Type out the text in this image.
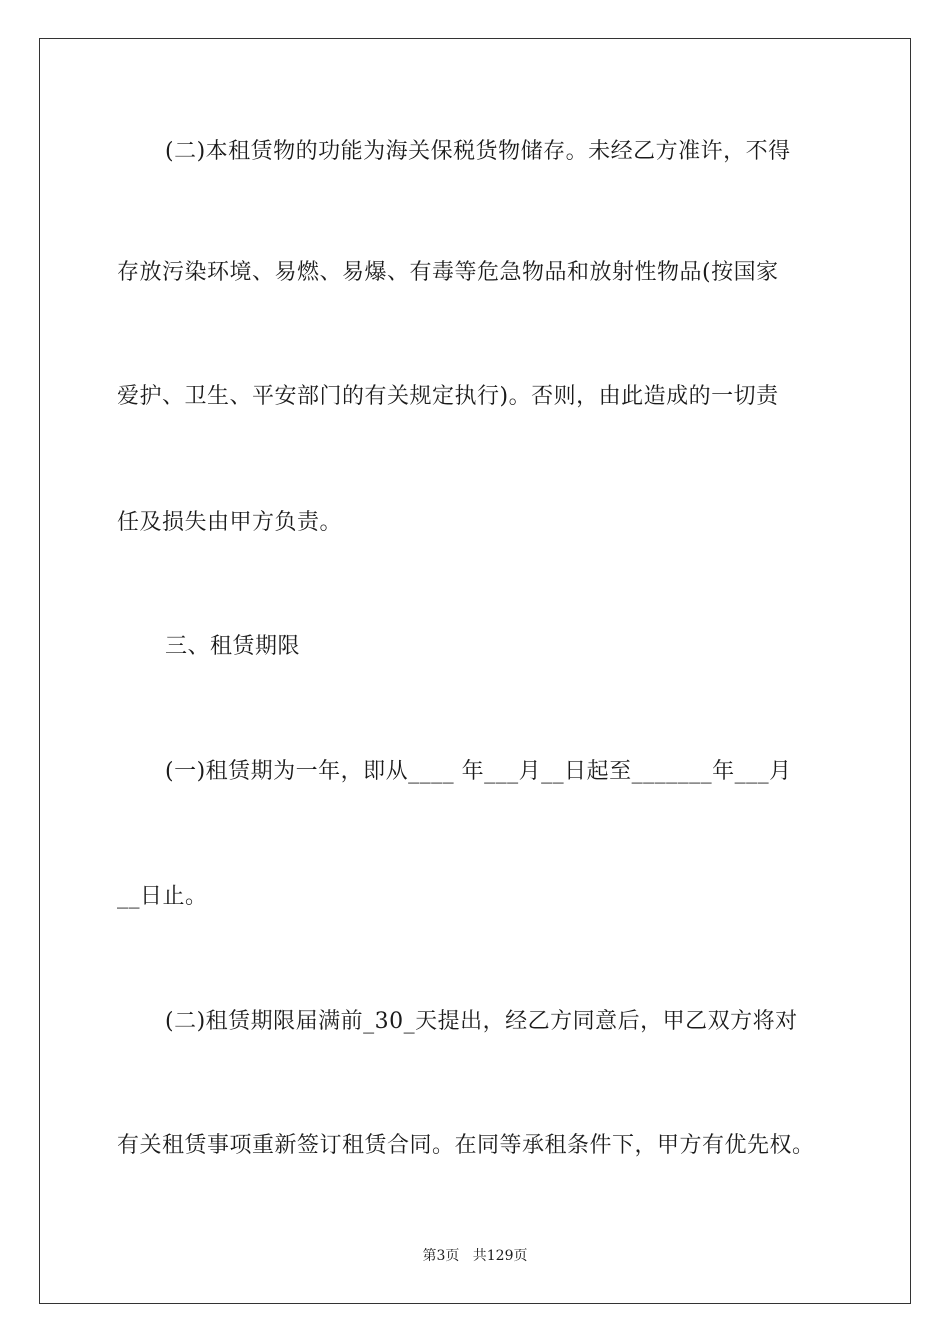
(二)本租赁物的功能为海关保税货物储存。未经乙方准许，不得
存放污染环境、易燃、易爆、有毒等危急物品和放射性物品(按国家
爱护、卫生、平安部门的有关规定执行)。否则，由此造成的一切责
任及损失由甲方负责。
三、租赁期限
(一)租赁期为一年，即从____ 年___月__日起至_______年___月
__日止。
(二)租赁期限届满前_30_天提出，经乙方同意后，甲乙双方将对
有关租赁事项重新签订租赁合同。在同等承租条件下，甲方有优先权。
第3页   共129页
